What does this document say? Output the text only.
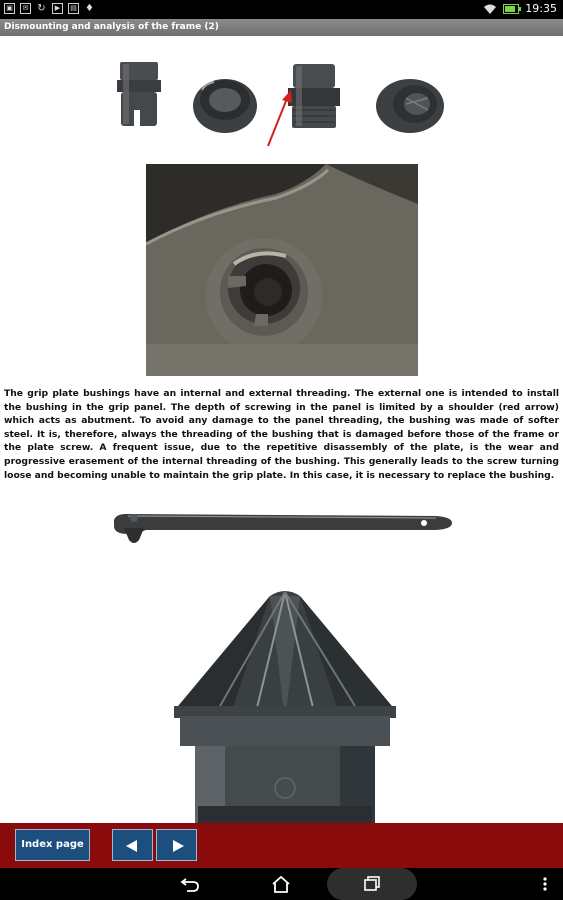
▣	✉ ↻	▶	▤ ♦	19:35
Dismounting and analysis of the frame (2)

The grip plate bushings have an internal and external threading. The external one is intended to install the bushing in the grip panel. The depth of screwing in the panel is limited by a shoulder (red arrow) which acts as abutment. To avoid any damage to the panel threading, the bushing was made of softer steel. It is, therefore, always the threading of the bushing that is damaged before those of the frame or the plate screw. A frequent issue, due to the repetitive disassembly of the plate, is the wear and progressive erasement of the internal threading of the bushing. This generally leads to the screw turning loose and becoming unable to maintain the grip plate. In this case, it is necessary to replace the bushing.

Index page
